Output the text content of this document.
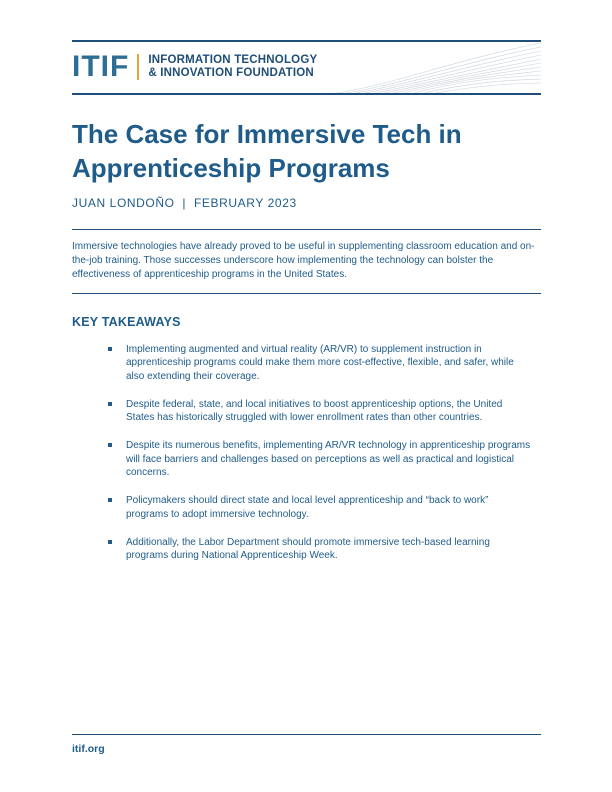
ITIF INFORMATION TECHNOLOGY
& INNOVATION FOUNDATION
The Case for Immersive Tech in Apprenticeship Programs
JUAN LONDOÑO  |  FEBRUARY 2023

Immersive technologies have already proved to be useful in supplementing classroom education and on-the-job training. Those successes underscore how implementing the technology can bolster the effectiveness of apprenticeship programs in the United States.

KEY TAKEAWAYS
Implementing augmented and virtual reality (AR/VR) to supplement instruction in apprenticeship programs could make them more cost-effective, flexible, and safer, while also extending their coverage.
Despite federal, state, and local initiatives to boost apprenticeship options, the United States has historically struggled with lower enrollment rates than other countries.
Despite its numerous benefits, implementing AR/VR technology in apprenticeship programs will face barriers and challenges based on perceptions as well as practical and logistical concerns.
Policymakers should direct state and local level apprenticeship and “back to work” programs to adopt immersive technology.
Additionally, the Labor Department should promote immersive tech-based learning programs during National Apprenticeship Week.
itif.org
